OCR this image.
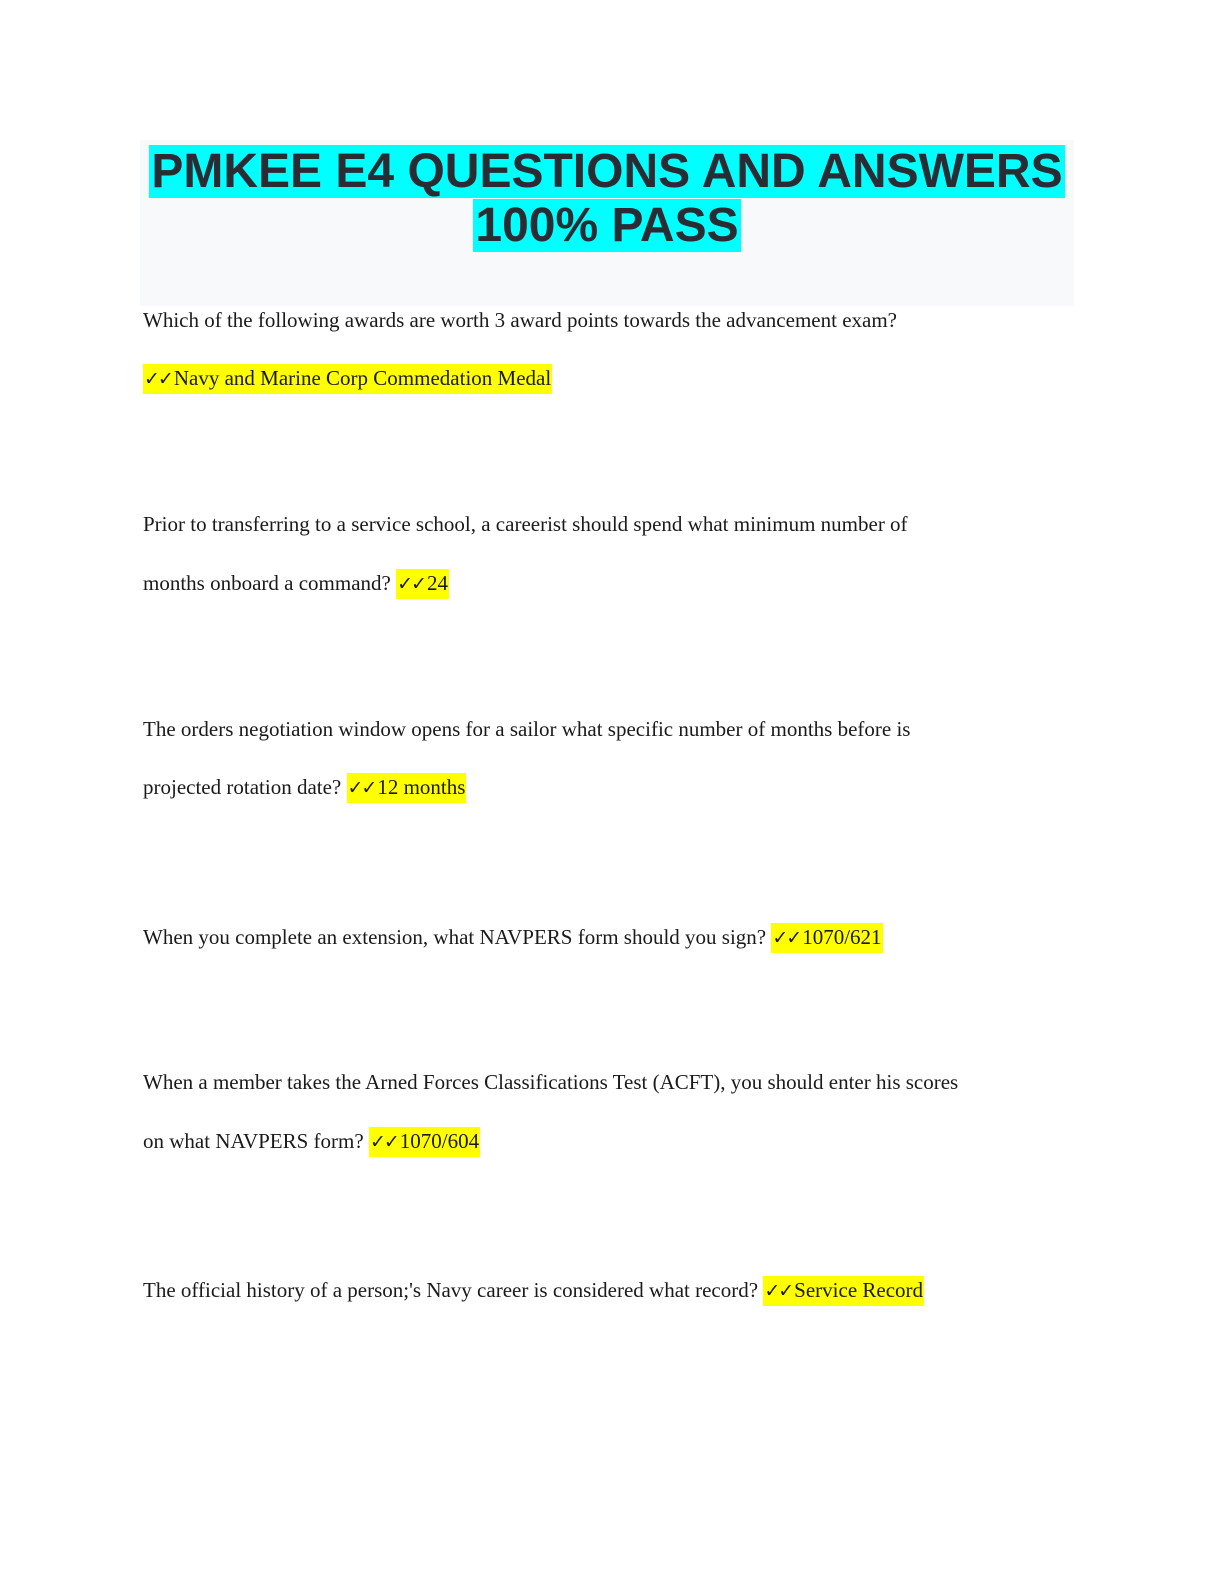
PMKEE E4 QUESTIONS AND ANSWERS
100% PASS
Which of the following awards are worth 3 award points towards the advancement exam?
✓✓Navy and Marine Corp Commedation Medal
Prior to transferring to a service school, a careerist should spend what minimum number of
months onboard a command? ✓✓24
The orders negotiation window opens for a sailor what specific number of months before is
projected rotation date? ✓✓12 months
When you complete an extension, what NAVPERS form should you sign? ✓✓1070/621
When a member takes the Arned Forces Classifications Test (ACFT), you should enter his scores
on what NAVPERS form? ✓✓1070/604
The official history of a person;'s Navy career is considered what record? ✓✓Service Record
